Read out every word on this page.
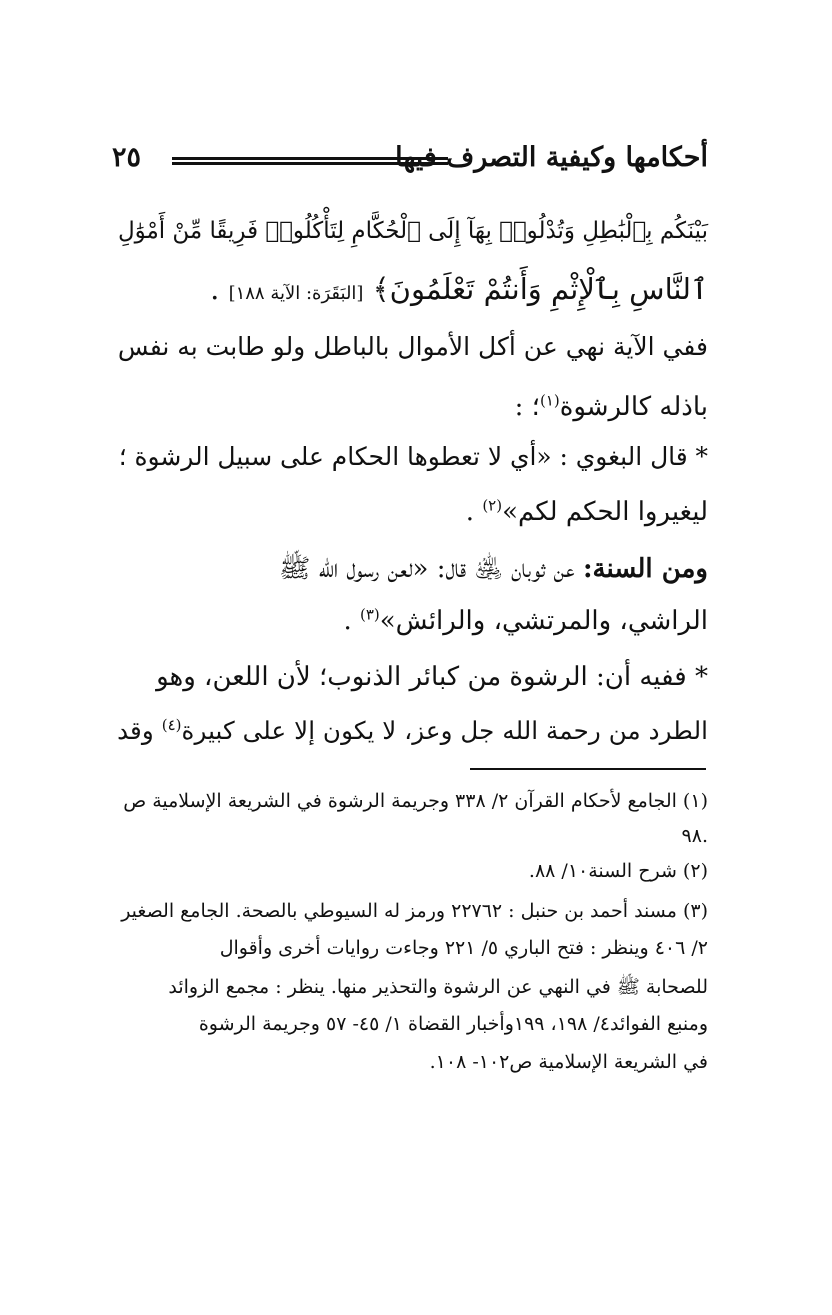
أحكامها وكيفية التصرف فيها
٢٥
بَيْنَكُم بِٱلْبَٰطِلِ وَتُدْلُوا۟ بِهَآ إِلَى ٱلْحُكَّامِ لِتَأْكُلُوا۟ فَرِيقًا مِّنْ أَمْوَٰلِ
ٱلنَّاسِ بِٱلْإِثْمِ وَأَنتُمْ تَعْلَمُونَ﴾ [البَقَرَة: الآية ١٨٨] .
ففي الآية نهي عن أكل الأموال بالباطل ولو طابت به نفس
باذله كالرشوة$^{(١)}$؛ :
* قال البغوي : «أي لا تعطوها الحكام على سبيل الرشوة ؛
ليغيروا الحكم لكم»$^{(٢)}$ .
ومن السنة: عن ثوبان ﵁ قال: «لعن رسول الله ﷺ
الراشي، والمرتشي، والرائش»$^{(٣)}$ .
* ففيه أن: الرشوة من كبائر الذنوب؛ لأن اللعن، وهو
الطرد من رحمة الله جل وعز، لا يكون إلا على كبيرة$^{(٤)}$ وقد
(١) الجامع لأحكام القرآن ٢/ ٣٣٨ وجريمة الرشوة في الشريعة الإسلامية ص
.٩٨
(٢) شرح السنة١٠/ ٨٨.
(٣) مسند أحمد بن حنبل : ٢٢٧٦٢ ورمز له السيوطي بالصحة. الجامع الصغير
٢/ ٤٠٦ وينظر : فتح الباري ٥/ ٢٢١ وجاءت روايات أخرى وأقوال
للصحابة ﷺ في النهي عن الرشوة والتحذير منها. ينظر : مجمع الزوائد
ومنبع الفوائد٤/ ١٩٨، ١٩٩وأخبار القضاة ١/ ٤٥- ٥٧ وجريمة الرشوة
في الشريعة الإسلامية ص١٠٢- ١٠٨.
